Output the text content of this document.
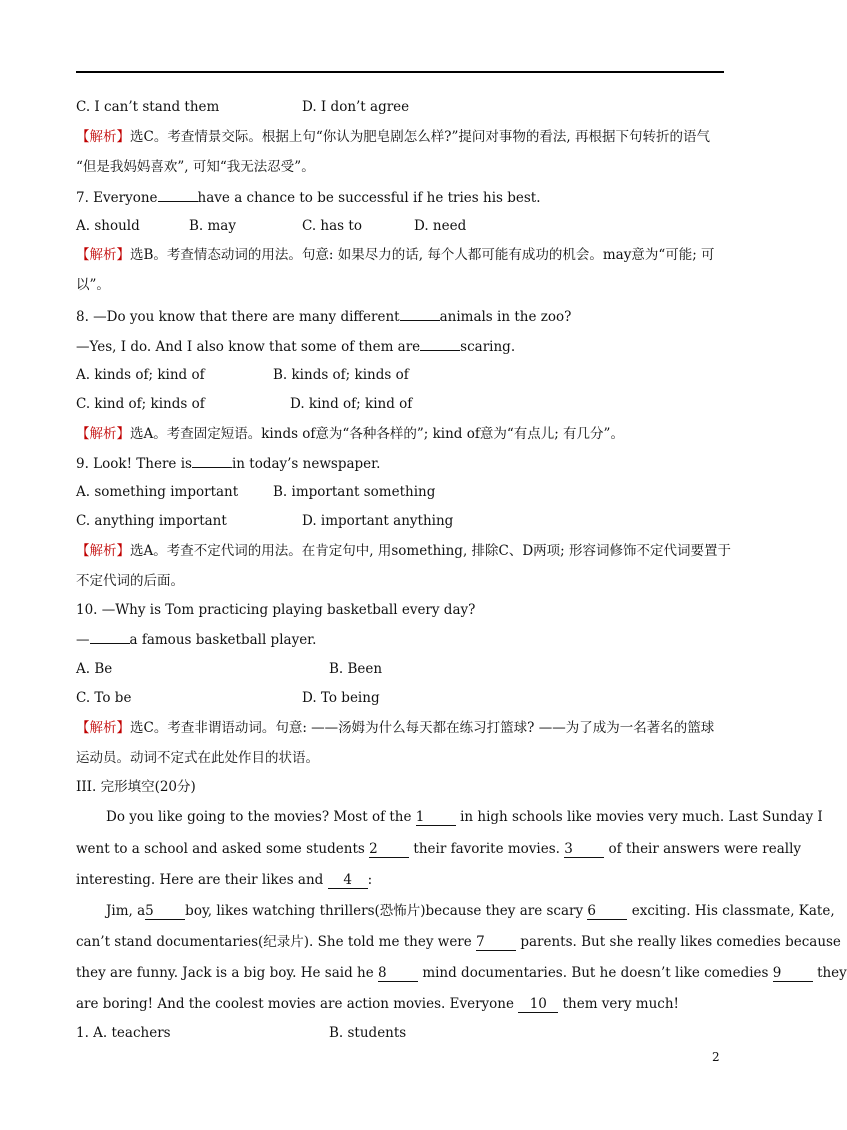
C. I can’t stand them	D. I don’t agree
【解析】选C。考查情景交际。根据上句“你认为肥皂剧怎么样?”提问对事物的看法, 再根据下句转折的语气
“但是我妈妈喜欢”, 可知“我无法忍受”。
7. Everyone	have a chance to be successful if he tries his best.
A. should	B. may	C. has to	D. need
【解析】选B。考查情态动词的用法。句意: 如果尽力的话, 每个人都可能有成功的机会。may意为“可能; 可
以”。
8. —Do you know that there are many different	animals in the zoo?
—Yes, I do. And I also know that some of them are	scaring.
A. kinds of; kind of	B. kinds of; kinds of
C. kind of; kinds of	D. kind of; kind of
【解析】选A。考查固定短语。kinds of意为“各种各样的”; kind of意为“有点儿; 有几分”。
9. Look! There is	in today’s newspaper.
A. something important	B. important something
C. anything important	D. important anything
【解析】选A。考查不定代词的用法。在肯定句中, 用something, 排除C、D两项; 形容词修饰不定代词要置于
不定代词的后面。
10. —Why is Tom practicing playing basketball every day?
—	a famous basketball player.
A. Be	B. Been
C. To be	D. To being
【解析】选C。考查非谓语动词。句意: ——汤姆为什么每天都在练习打篮球? ——为了成为一名著名的篮球
运动员。动词不定式在此处作目的状语。
III. 完形填空(20分)
Do you like going to the movies? Most of the 1	in high schools like movies very much. Last Sunday I
went to a school and asked some students 2	their favorite movies. 3	of their answers were really
interesting. Here are their likes and 4 :
Jim, a5 boy, likes watching thrillers(恐怖片)because they are scary 6	exciting. His classmate, Kate,
can’t stand documentaries(纪录片). She told me they were 7	parents. But she really likes comedies because
they are funny. Jack is a big boy. He said he 8	mind documentaries. But he doesn’t like comedies 9	they
are boring! And the coolest movies are action movies. Everyone 10 them very much!
1. A. teachers	B. students
2
